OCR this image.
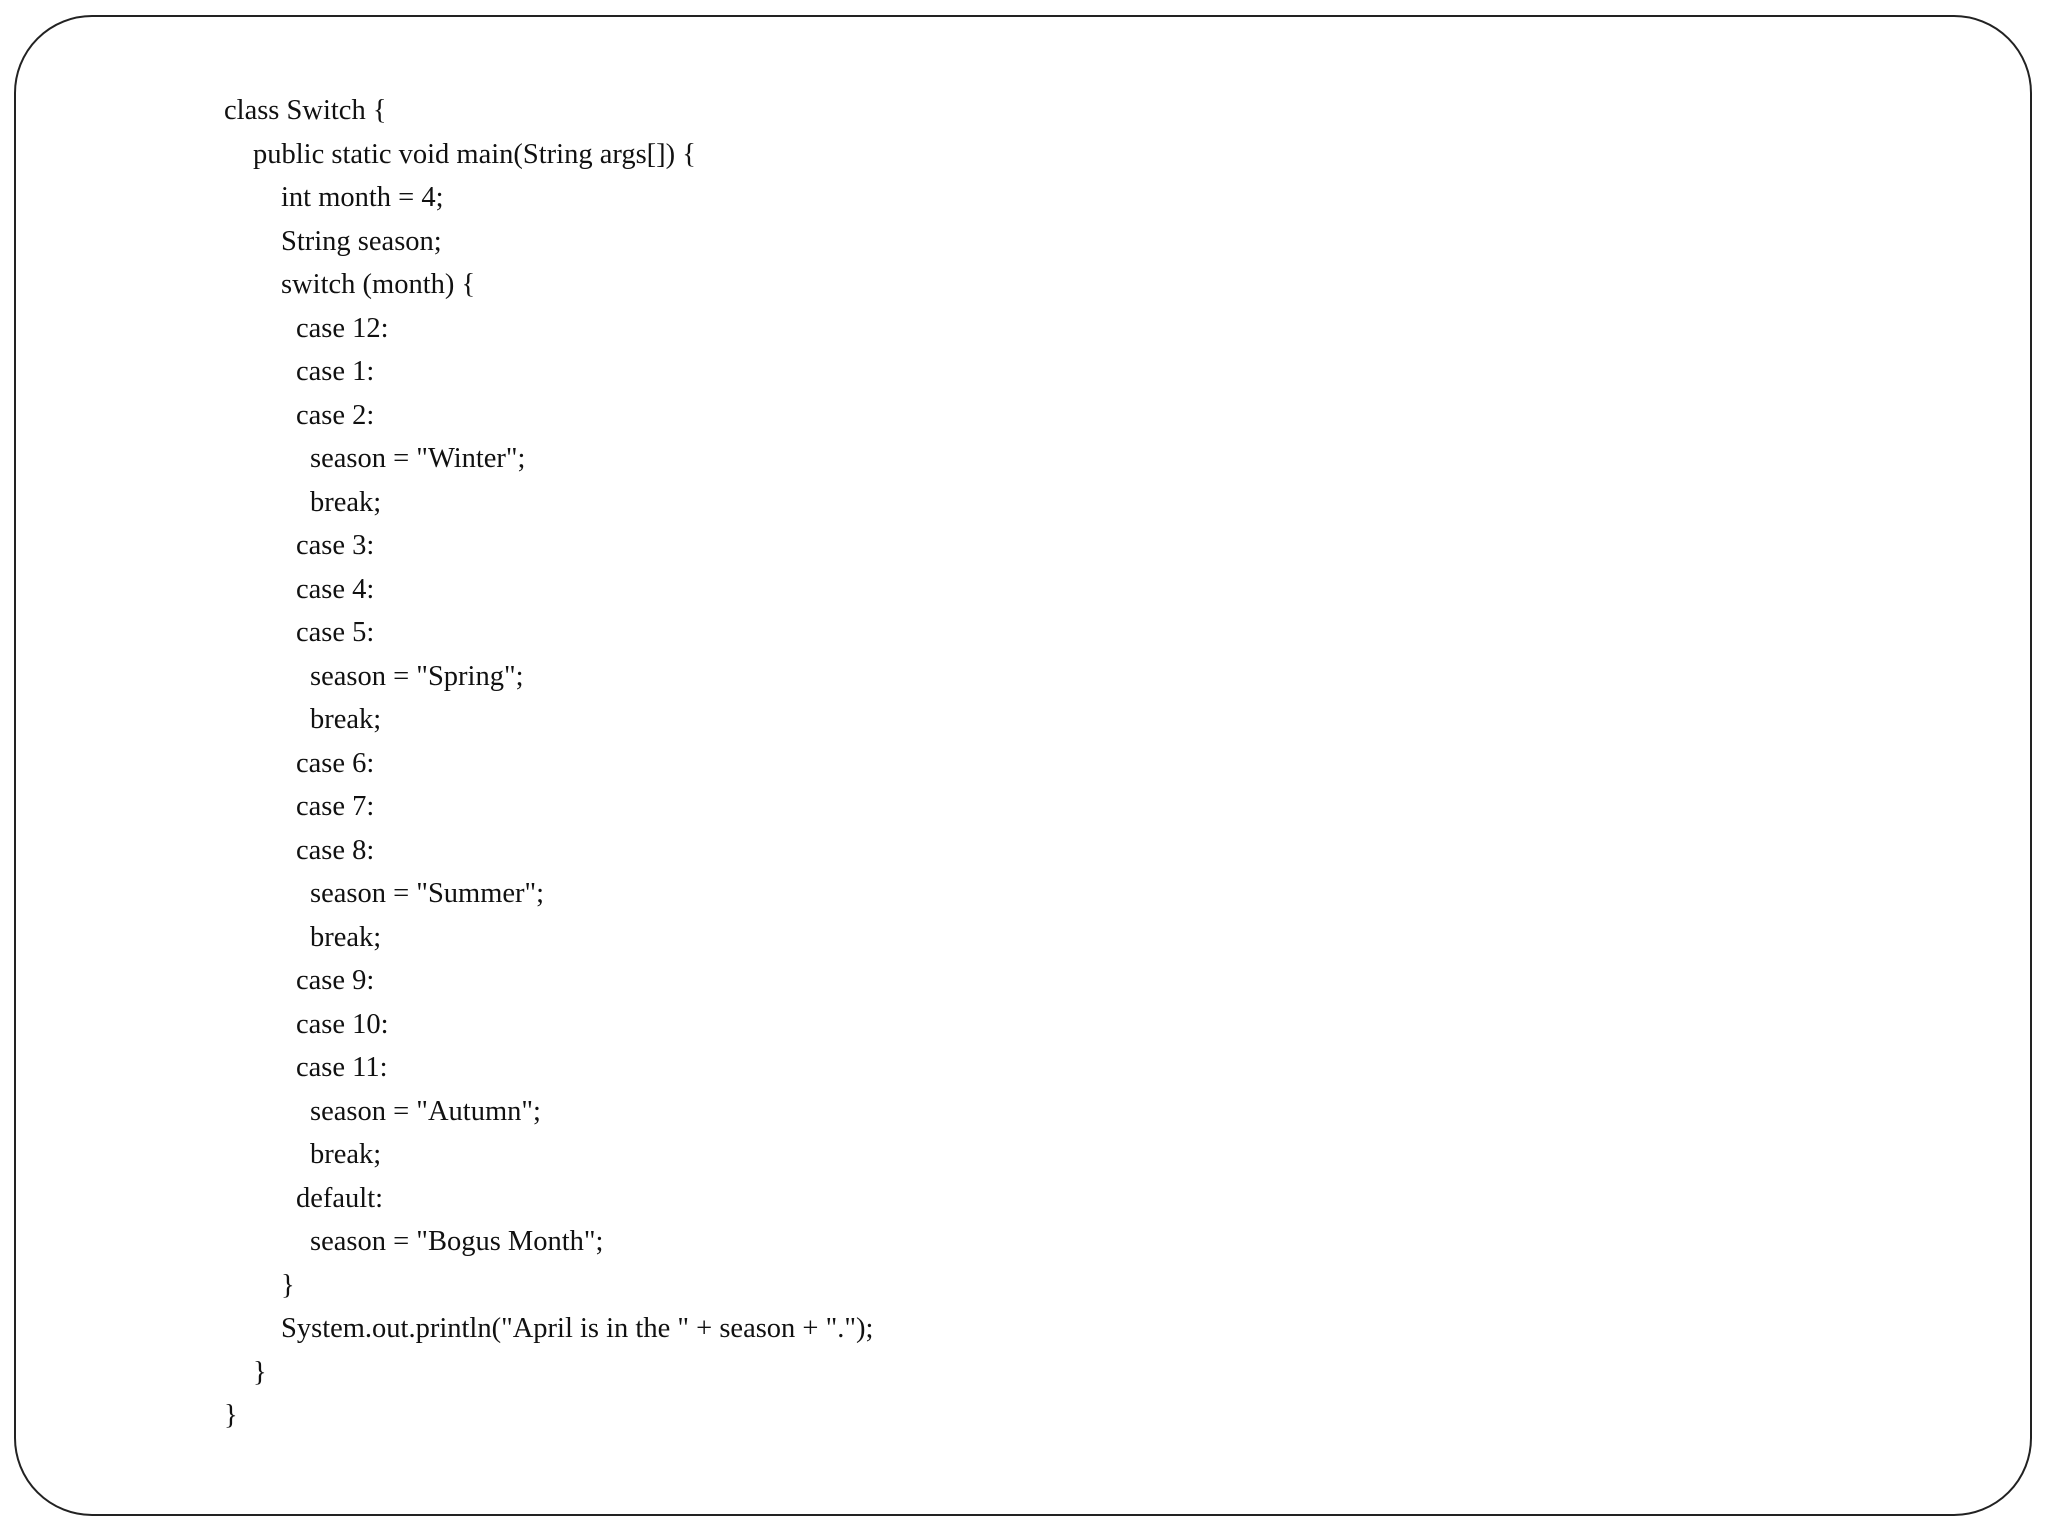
class Switch {
public static void main(String args[]) {
int month = 4;
String season;
switch (month) {
case 12:
case 1:
case 2:
season = "Winter";
break;
case 3:
case 4:
case 5:
season = "Spring";
break;
case 6:
case 7:
case 8:
season = "Summer";
break;
case 9:
case 10:
case 11:
season = "Autumn";
break;
default:
season = "Bogus Month";
}
System.out.println("April is in the " + season + ".");
}
}
